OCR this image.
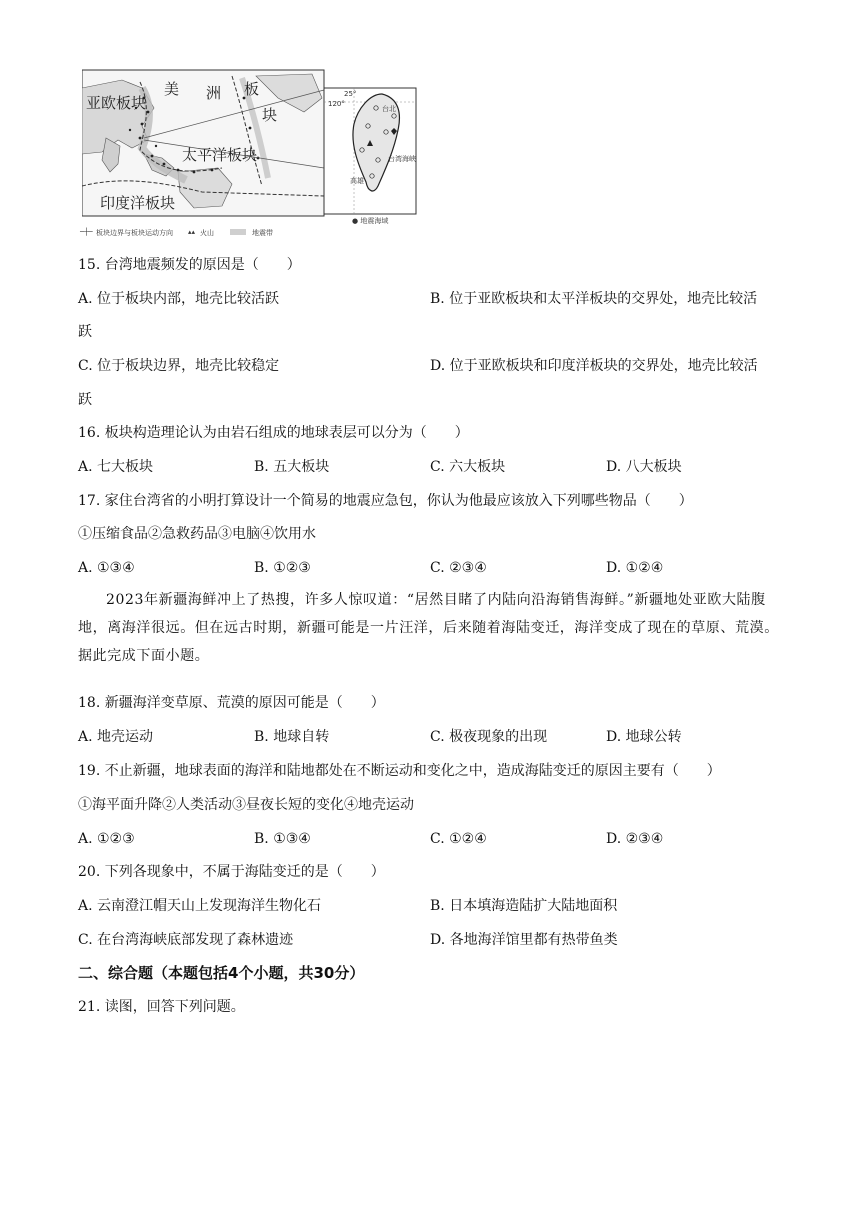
美 洲 板
块
亚欧板块
太平洋板块
印度洋板块
25°
120°
台北
高雄
台湾海峡
● 地震海域
─┼─ 板块边界与板块运动方向 ▴▴ 火山	地震带
15. 台湾地震频发的原因是（　　）
A. 位于板块内部，地壳比较活跃	B. 位于亚欧板块和太平洋板块的交界处，地壳比较活
跃
C. 位于板块边界，地壳比较稳定	D. 位于亚欧板块和印度洋板块的交界处，地壳比较活
跃
16. 板块构造理论认为由岩石组成的地球表层可以分为（　　）
A. 七大板块	B. 五大板块	C. 六大板块	D. 八大板块
17. 家住台湾省的小明打算设计一个简易的地震应急包，你认为他最应该放入下列哪些物品（　　）
①压缩食品②急救药品③电脑④饮用水
A. ①③④	B. ①②③	C. ②③④	D. ①②④
2023年新疆海鲜冲上了热搜，许多人惊叹道：“居然目睹了内陆向沿海销售海鲜。”新疆地处亚欧大陆腹地，离海洋很远。但在远古时期，新疆可能是一片汪洋，后来随着海陆变迁，海洋变成了现在的草原、荒漠。据此完成下面小题。
18. 新疆海洋变草原、荒漠的原因可能是（　　）
A. 地壳运动	B. 地球自转	C. 极夜现象的出现	D. 地球公转
19. 不止新疆，地球表面的海洋和陆地都处在不断运动和变化之中，造成海陆变迁的原因主要有（　　）
①海平面升降②人类活动③昼夜长短的变化④地壳运动
A. ①②③	B. ①③④	C. ①②④	D. ②③④
20. 下列各现象中，不属于海陆变迁的是（　　）
A. 云南澄江帽天山上发现海洋生物化石	B. 日本填海造陆扩大陆地面积
C. 在台湾海峡底部发现了森林遗迹	D. 各地海洋馆里都有热带鱼类
二、综合题（本题包括4个小题，共30分）
21. 读图，回答下列问题。
